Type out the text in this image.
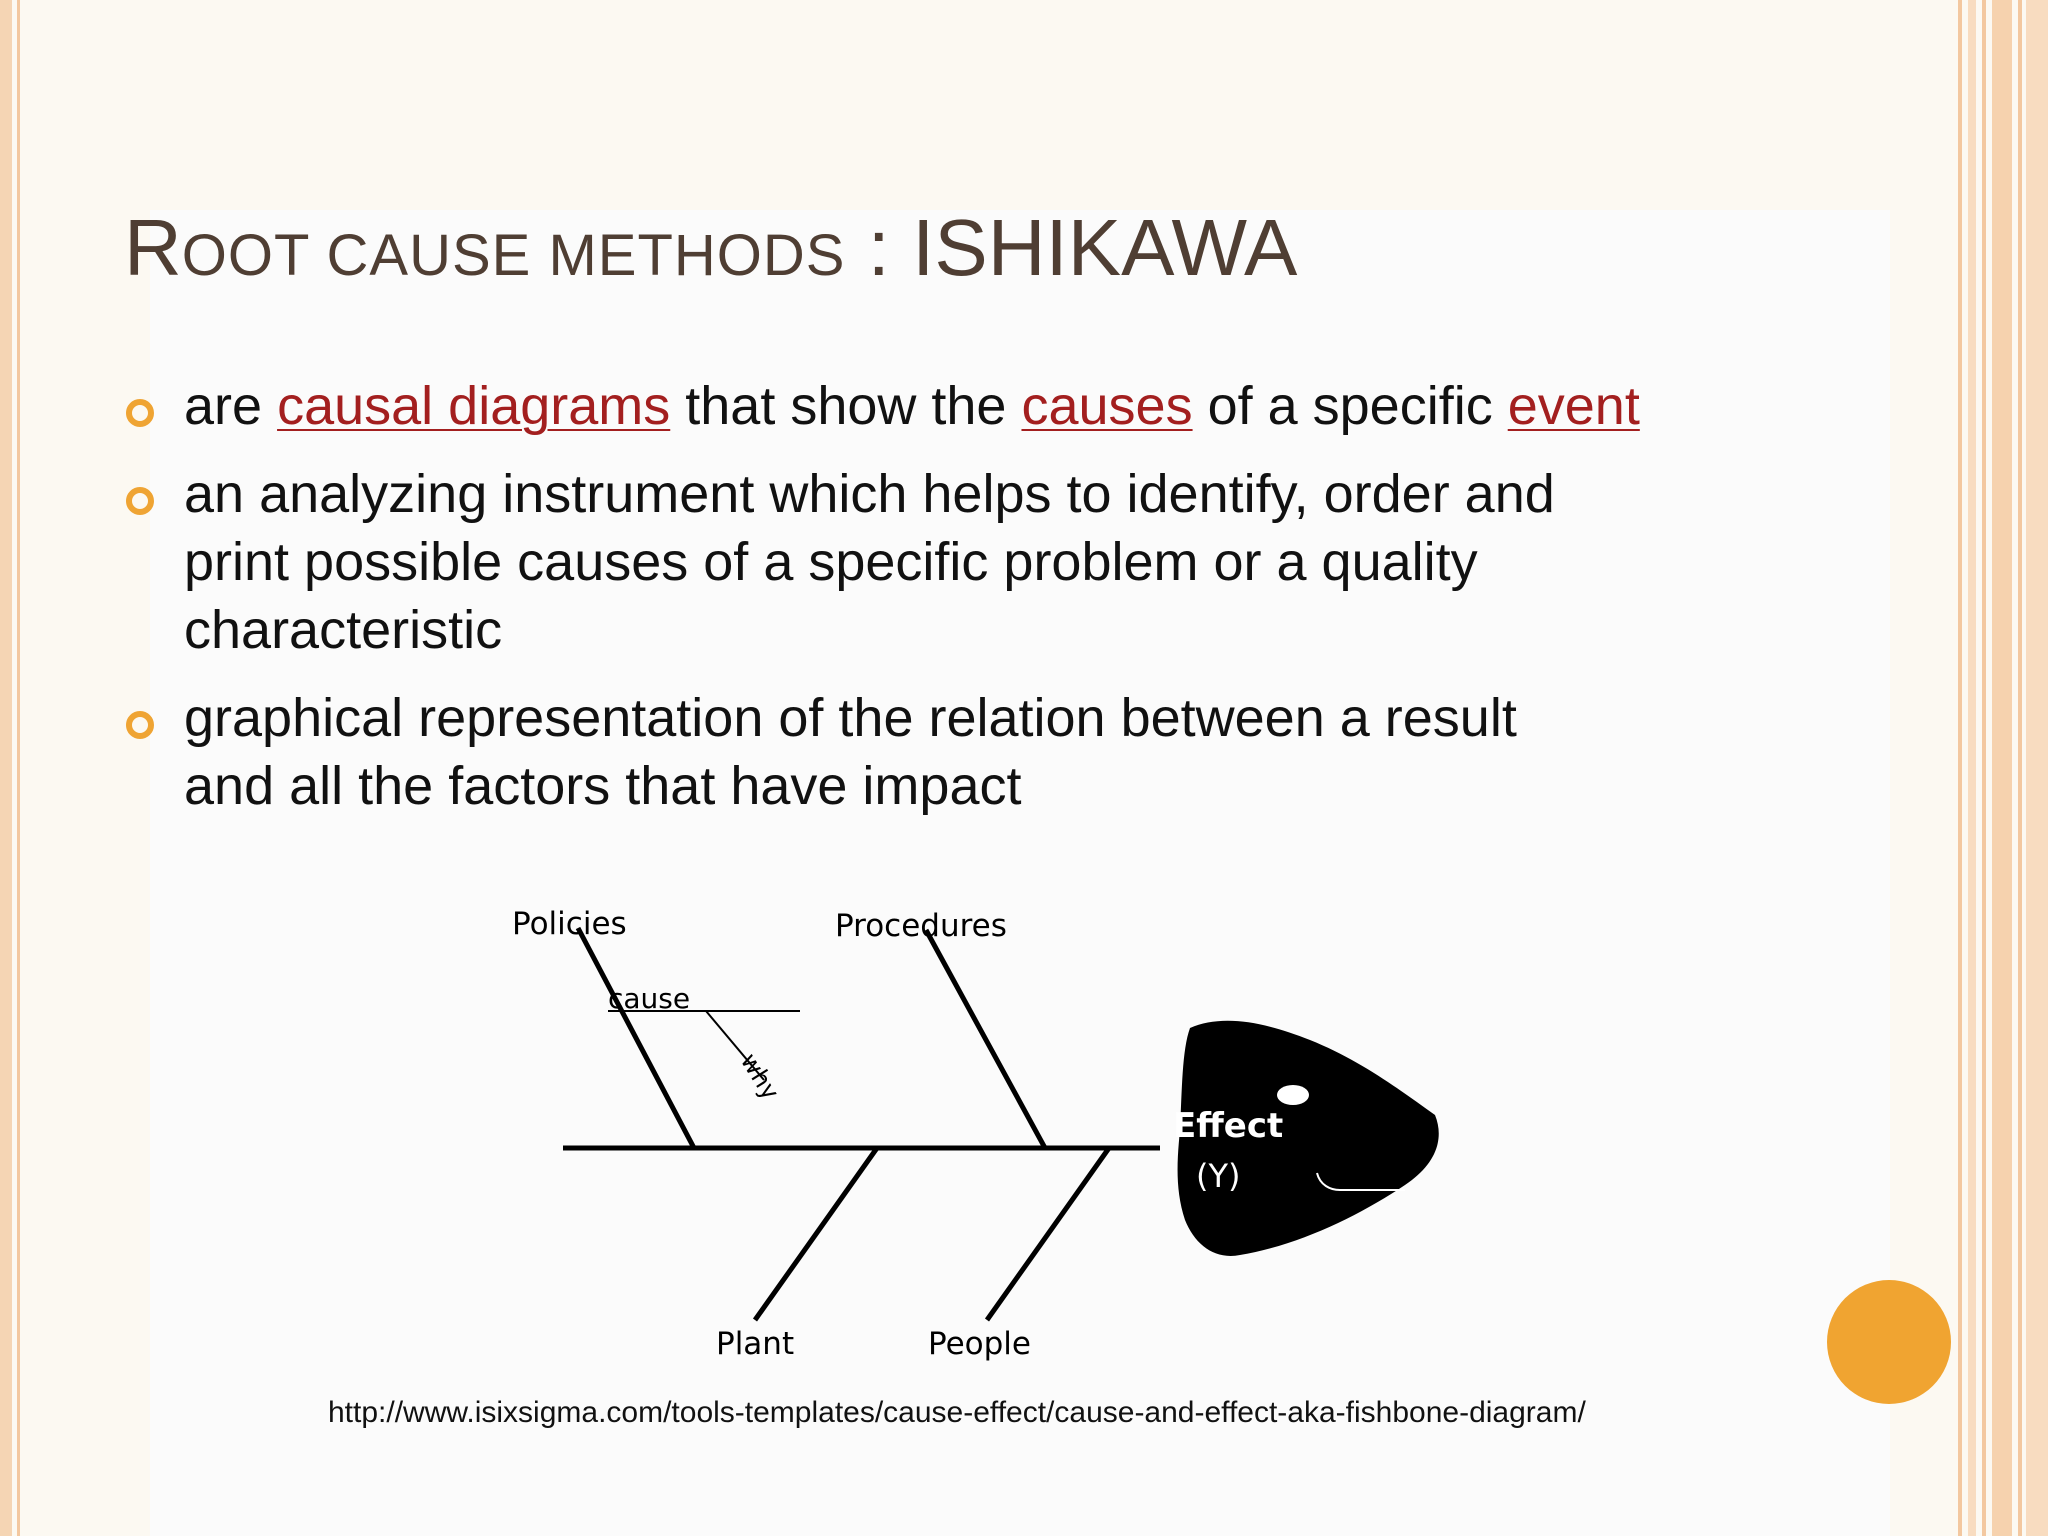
ROOT CAUSE METHODS : ISHIKAWA
are causal diagrams that show the causes of a specific event
an analyzing instrument which helps to identify, order and print possible causes of a specific problem or a quality characteristic
graphical representation of the relation between a result and all the factors that have impact
Policies	Procedures
cause
why
Plant	People
Effect
(Y)

http://www.isixsigma.com/tools-templates/cause-effect/cause-and-effect-aka-fishbone-diagram/
